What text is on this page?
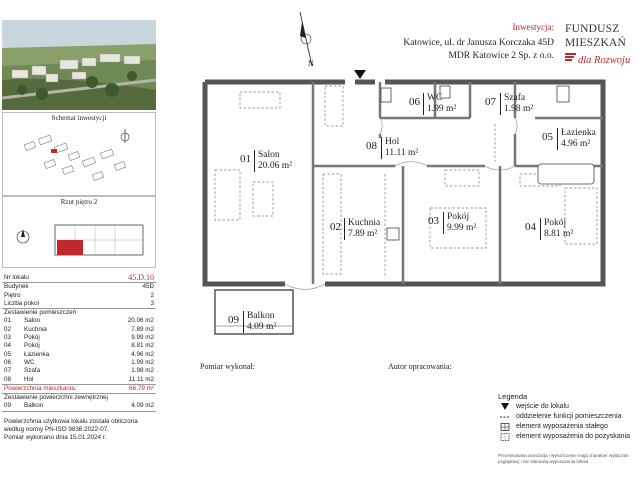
Schemat inwestycji
Rzut piętro 2
Nr lokalu	45.D.10
Budynek	45D
Piętro	2
Liczba pokoi	3
Zestawienie pomieszczeń
01	Salon	20.06 m2
02	Kuchnia	7.89 m2
03	Pokój	9.99 m2
04	Pokój	8.81 m2
05	Łazienka	4.96 m2
06	WC	1.99 m2
07	Szafa	1.98 m2
08	Hol	11.11 m2
Powierzchnia mieszkania:	66.79 m²
Zestawienie powierzchni zewnętrznej
09	Balkon	4.09 m2
Powierzchnia użytkowa lokalu została obliczona
według normy PN-ISO 9836:2022-07.
Pomiar wykonano dnia 15.01.2024 r.
Inwestycja:
Katowice, ul. dr Janusza Korczaka 45D
MDR Katowice 2 Sp. z o.o.
FUNDUSZ
MIESZKAŃ
dla Rozwoju
N
01 Salon
20.06 m²
02 Kuchnia
7.89 m²
03 Pokój
9.99 m²	04 Pokój
8.81 m²
05 Łazienka
4.96 m²
06 WC
1.99 m²
07 Szafa
1.98 m²
08 Hol
11.11 m²
09 Balkon
4.09 m²
Pomiar wykonał:	Autor opracowania:
Legenda
wejście do lokalu
oddzielenie funkcji pomieszczenia
element wyposażenia stałego
element wyposażenia do pozyskania
Prezentowana aranżacja i wykończenie mają charakter wyłącznie
poglądowy i nie stanowią wyposażenia lokalu.
